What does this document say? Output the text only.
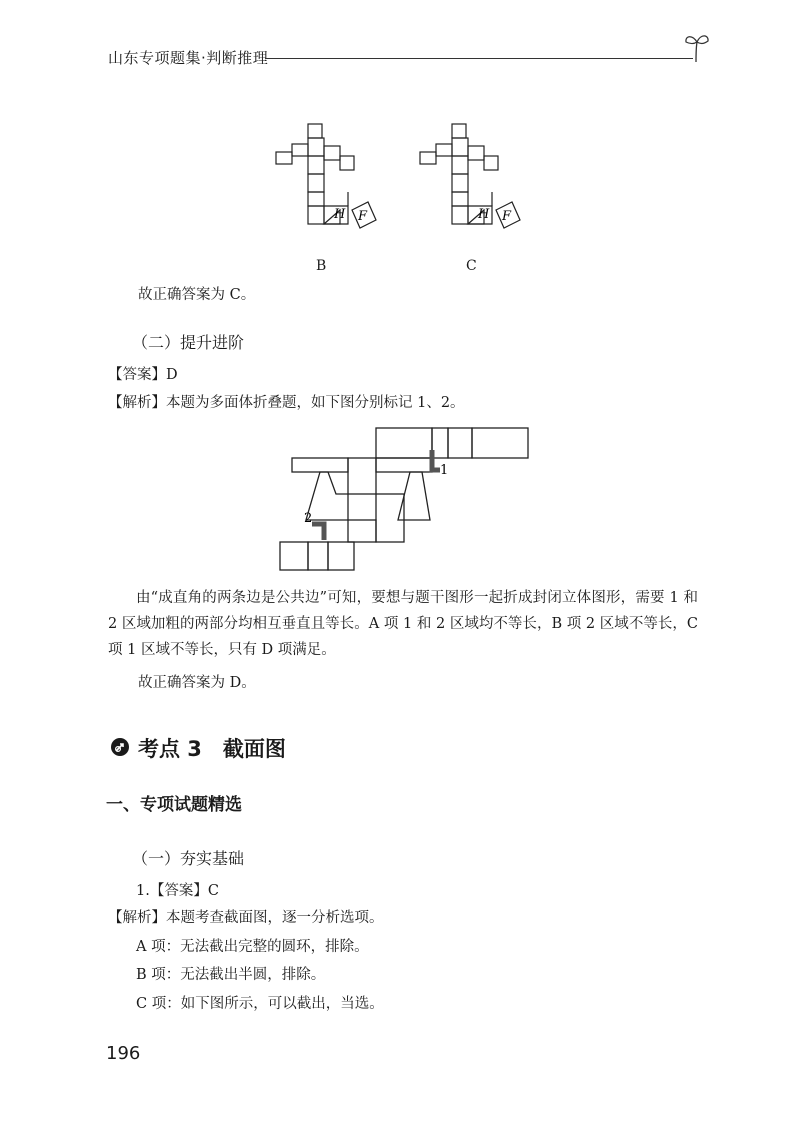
山东专项题集·判断推理
H F	H F
B	C
故正确答案为 C。
（二）提升进阶
【答案】D
【解析】本题为多面体折叠题，如下图分别标记 1、2。
1
2
由“成直角的两条边是公共边”可知，要想与题干图形一起折成封闭立体图形，需要 1 和 2 区域加粗的两部分均相互垂直且等长。A 项 1 和 2 区域均不等长，B 项 2 区域不等长，C 项 1 区域不等长，只有 D 项满足。
故正确答案为 D。
考点 3　截面图
一、专项试题精选
（一）夯实基础
1.【答案】C
【解析】本题考查截面图，逐一分析选项。
A 项：无法截出完整的圆环，排除。
B 项：无法截出半圆，排除。
C 项：如下图所示，可以截出，当选。
196
